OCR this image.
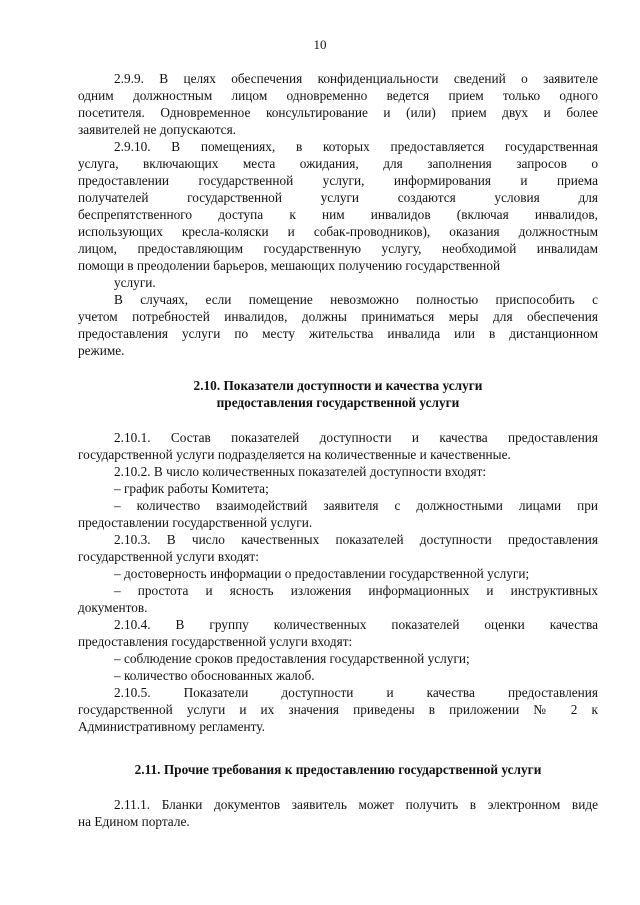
10
2.9.9. В целях обеспечения конфиденциальности сведений о заявителе
одним должностным лицом одновременно ведется прием только одного
посетителя. Одновременное консультирование и (или) прием двух и более
заявителей не допускаются.
2.9.10. В помещениях, в которых предоставляется государственная
услуга, включающих места ожидания, для заполнения запросов о
предоставлении государственной услуги, информирования и приема
получателей государственной услуги создаются условия для
беспрепятственного доступа к ним инвалидов (включая инвалидов,
использующих кресла-коляски и собак-проводников), оказания должностным
лицом, предоставляющим государственную услугу, необходимой инвалидам
помощи в преодолении барьеров, мешающих получению государственной
услуги.
В случаях, если помещение невозможно полностью приспособить с
учетом потребностей инвалидов, должны приниматься меры для обеспечения
предоставления услуги по месту жительства инвалида или в дистанционном
режиме.
2.10. Показатели доступности и качества услуги
предоставления государственной услуги
2.10.1. Состав показателей доступности и качества предоставления
государственной услуги подразделяется на количественные и качественные.
2.10.2. В число количественных показателей доступности входят:
– график работы Комитета;
– количество взаимодействий заявителя с должностными лицами при
предоставлении государственной услуги.
2.10.3. В число качественных показателей доступности предоставления
государственной услуги входят:
– достоверность информации о предоставлении государственной услуги;
– простота и ясность изложения информационных и инструктивных
документов.
2.10.4. В группу количественных показателей оценки качества
предоставления государственной услуги входят:
– соблюдение сроков предоставления государственной услуги;
– количество обоснованных жалоб.
2.10.5. Показатели доступности и качества предоставления
государственной услуги и их значения приведены в приложении № 2 к
Административному регламенту.
2.11. Прочие требования к предоставлению государственной услуги
2.11.1. Бланки документов заявитель может получить в электронном виде
на Едином портале.
